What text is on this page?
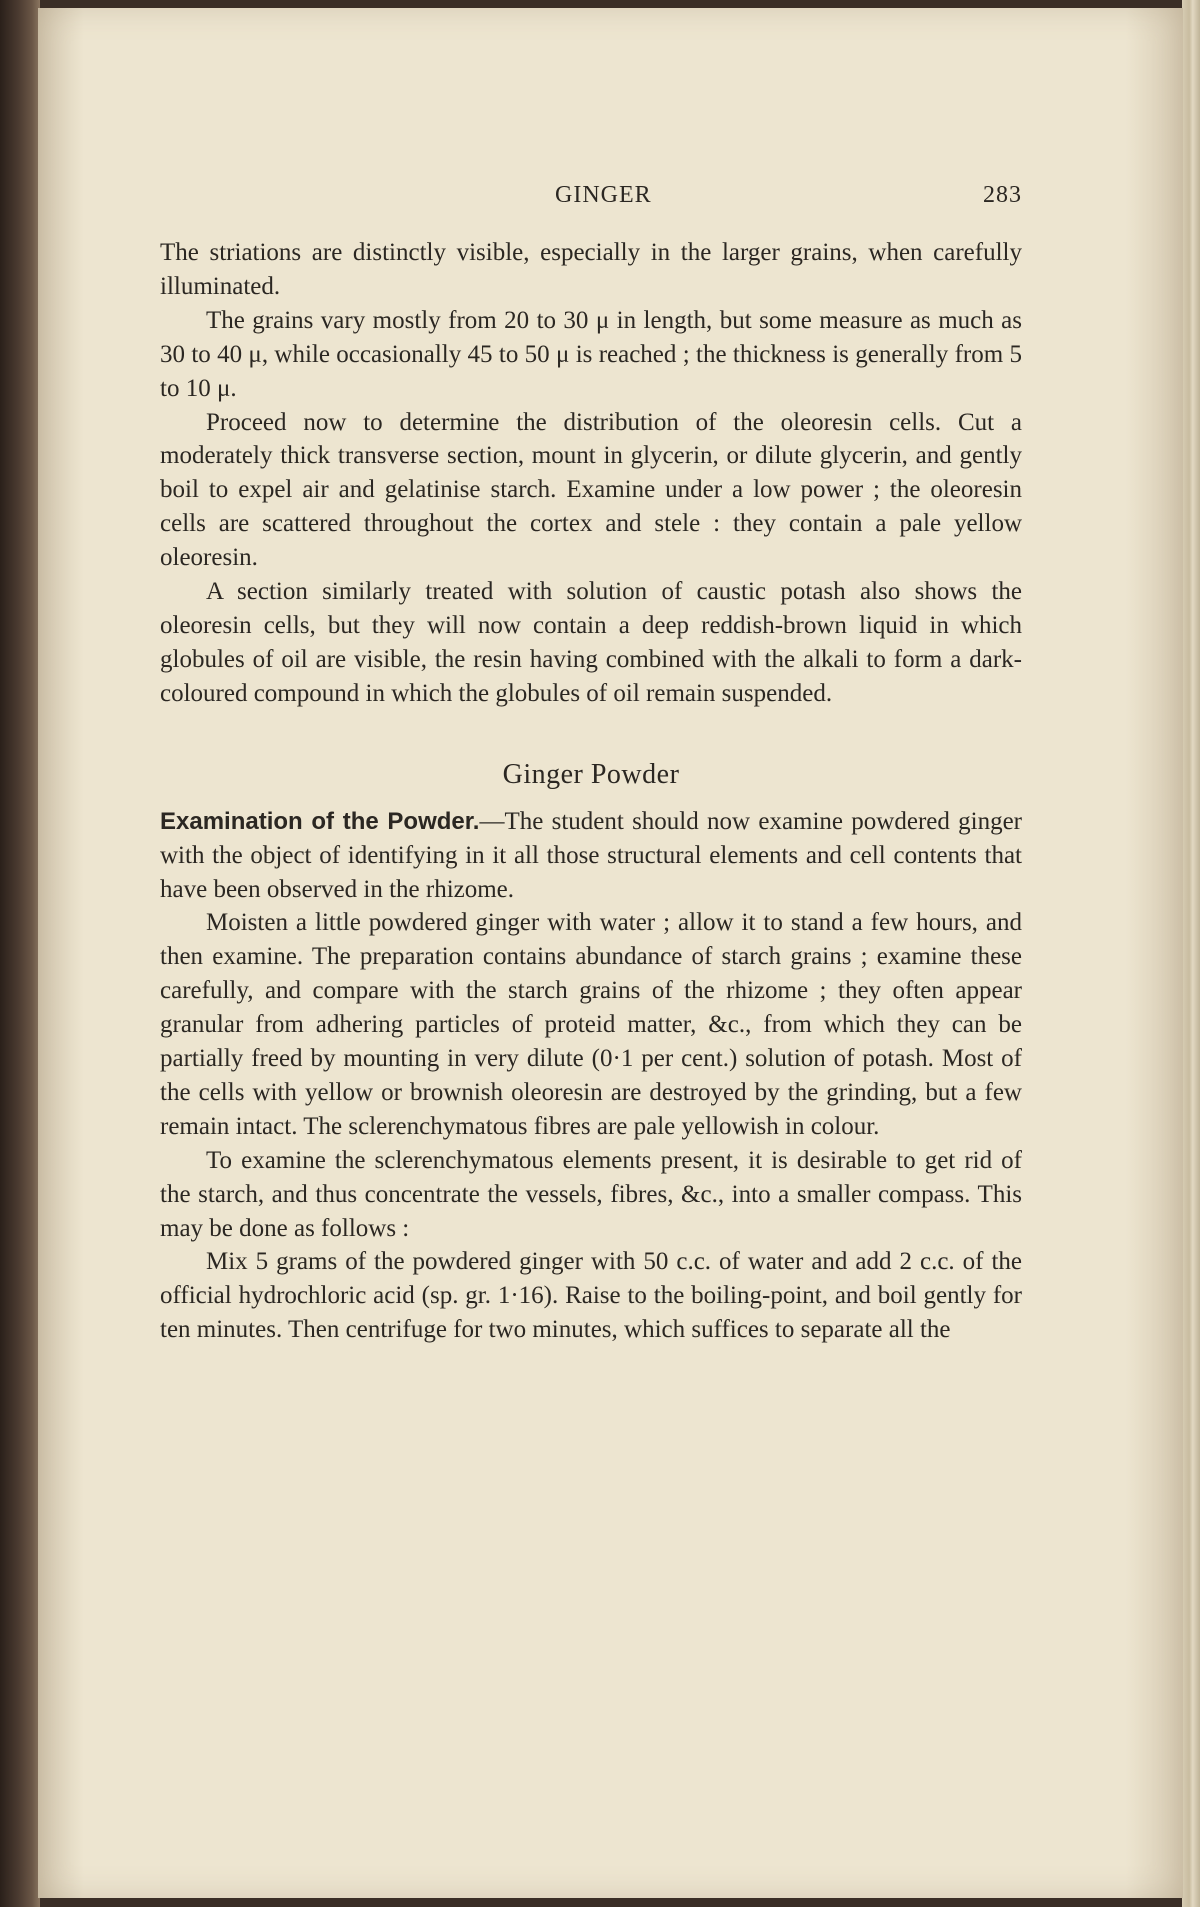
GINGER	283

The striations are distinctly visible, especially in the larger grains, when carefully illuminated.

The grains vary mostly from 20 to 30 μ in length, but some measure as much as 30 to 40 μ, while occasionally 45 to 50 μ is reached ; the thickness is generally from 5 to 10 μ.

Proceed now to determine the distribution of the oleoresin cells. Cut a moderately thick transverse section, mount in glycerin, or dilute glycerin, and gently boil to expel air and gelatinise starch. Examine under a low power ; the oleoresin cells are scattered throughout the cortex and stele : they contain a pale yellow oleoresin.

A section similarly treated with solution of caustic potash also shows the oleoresin cells, but they will now contain a deep reddish-brown liquid in which globules of oil are visible, the resin having combined with the alkali to form a dark-coloured compound in which the globules of oil remain suspended.

Ginger Powder

Examination of the Powder.—The student should now examine powdered ginger with the object of identifying in it all those structural elements and cell contents that have been observed in the rhizome.

Moisten a little powdered ginger with water ; allow it to stand a few hours, and then examine. The preparation contains abundance of starch grains ; examine these carefully, and compare with the starch grains of the rhizome ; they often appear granular from adhering particles of proteid matter, &c., from which they can be partially freed by mounting in very dilute (0·1 per cent.) solution of potash. Most of the cells with yellow or brownish oleoresin are destroyed by the grinding, but a few remain intact. The sclerenchymatous fibres are pale yellowish in colour.

To examine the sclerenchymatous elements present, it is desirable to get rid of the starch, and thus concentrate the vessels, fibres, &c., into a smaller compass. This may be done as follows :

Mix 5 grams of the powdered ginger with 50 c.c. of water and add 2 c.c. of the official hydrochloric acid (sp. gr. 1·16). Raise to the boiling-point, and boil gently for ten minutes. Then centrifuge for two minutes, which suffices to separate all the
